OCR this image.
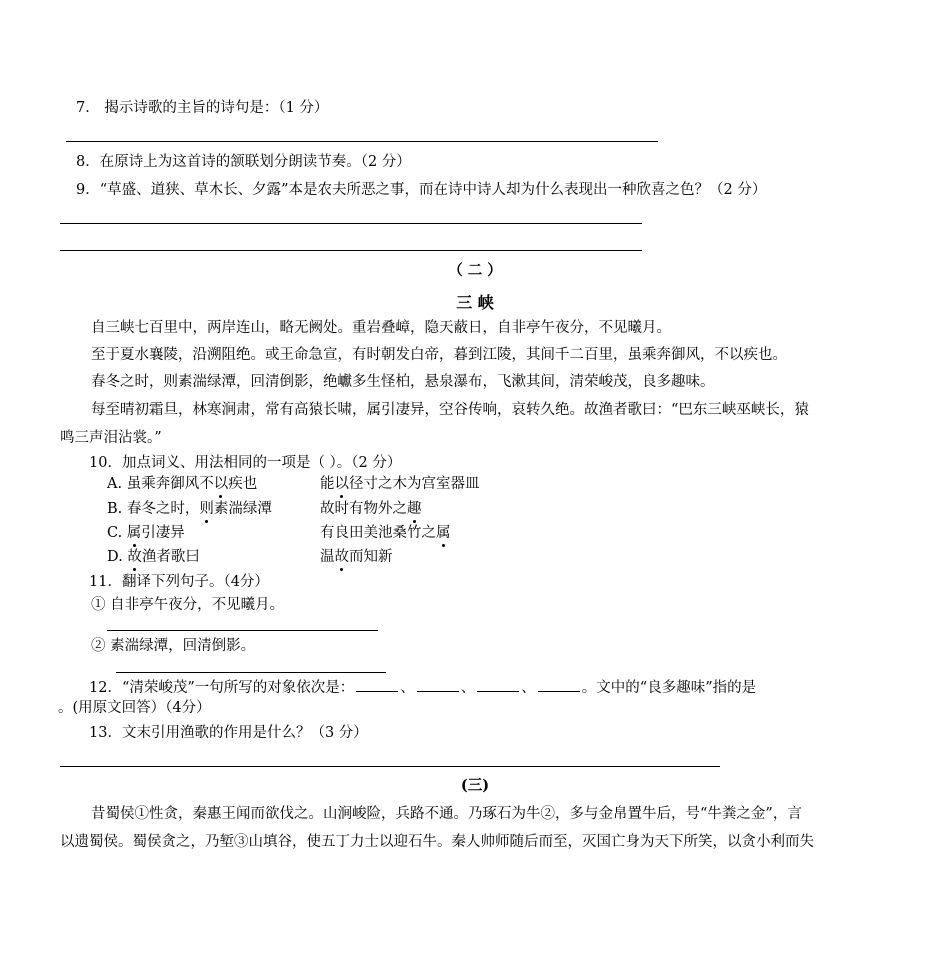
7． 揭示诗歌的主旨的诗句是：（1 分）
8．在原诗上为这首诗的颔联划分朗读节奏。（2 分）
9．“草盛、道狭、草木长、夕露”本是农夫所恶之事，而在诗中诗人却为什么表现出一种欣喜之色？（2 分）
（ 二 ）
三 峡
自三峡七百里中，两岸连山，略无阙处。重岩叠嶂，隐天蔽日，自非亭午夜分，不见曦月。
至于夏水襄陵，沿溯阻绝。或王命急宣，有时朝发白帝，暮到江陵，其间千二百里，虽乘奔御风，不以疾也。
春冬之时，则素湍绿潭，回清倒影，绝巘多生怪柏，悬泉瀑布，飞漱其间，清荣峻茂，良多趣味。
每至晴初霜旦，林寒涧肃，常有高猿长啸，属引凄异，空谷传响，哀转久绝。故渔者歌曰：“巴东三峡巫峡长，猿
鸣三声泪沾裳。”
10．加点词义、用法相同的一项是（ ）。（2 分）
A. 虽乘奔御风不以疾也	能以径寸之木为宫室器皿
B. 春冬之时，则素湍绿潭	故时有物外之趣
C. 属引凄异	有良田美池桑竹之属
D. 故渔者歌曰	温故而知新
11．翻译下列句子。（4分）
① 自非亭午夜分，不见曦月。
② 素湍绿潭，回清倒影。
12．“清荣峻茂”一句所写的对象依次是：	、	、	、	。文中的“良多趣味”指的是
。(用原文回答）（4分）
13．文末引用渔歌的作用是什么？（3 分）
(三)
昔蜀侯①性贪，秦惠王闻而欲伐之。山涧峻险，兵路不通。乃琢石为牛②，多与金帛置牛后，号“牛粪之金”，言
以遗蜀侯。蜀侯贪之，乃堑③山填谷，使五丁力士以迎石牛。秦人帅师随后而至，灭国亡身为天下所笑，以贪小利而失
